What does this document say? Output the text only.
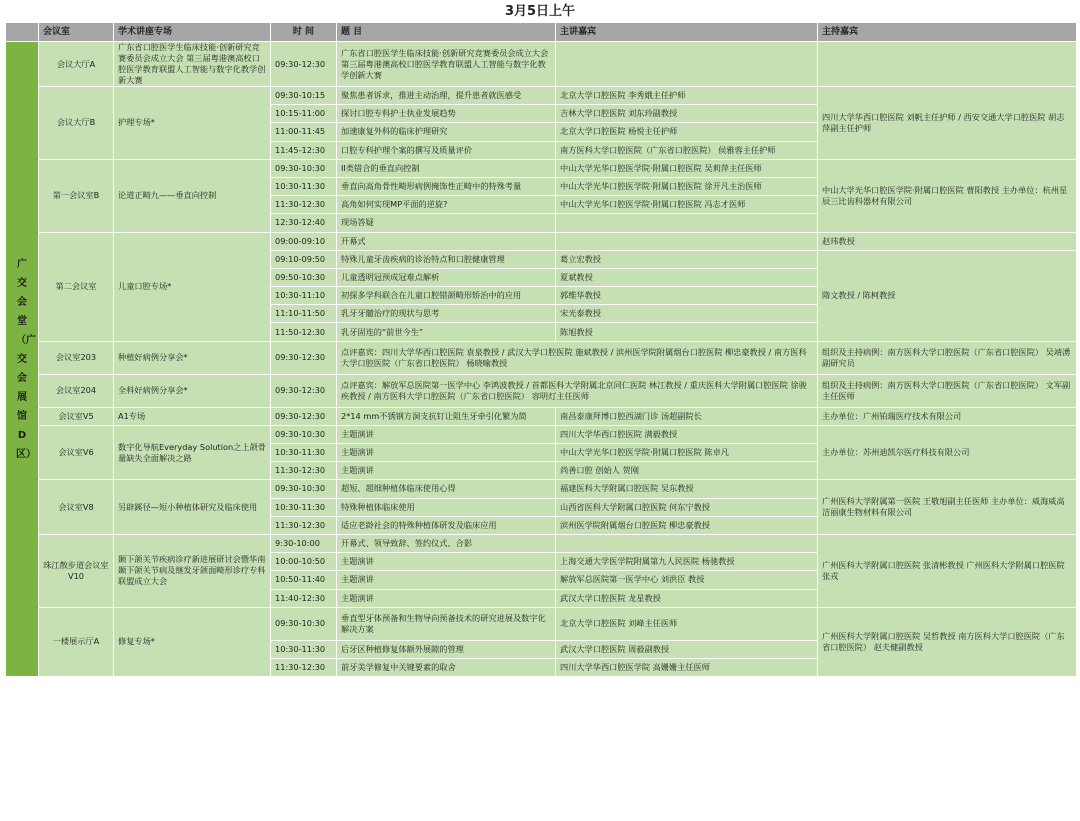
3月5日上午
	会议室	学术讲座专场	时 间	题 目	主讲嘉宾	主持嘉宾

广交会堂（广交会展馆D区）	会议大厅A	广东省口腔医学生临床技能·创新研究竞赛委员会成立大会 第三届粤港澳高校口腔医学教育联盟人工智能与数字化教学创新大赛	09:30-12:30	广东省口腔医学生临床技能·创新研究竞赛委员会成立大会
第三届粤港澳高校口腔医学教育联盟人工智能与数字化教学创新大赛		
	会议大厅B	护理专场*	09:30-10:15	聚焦患者诉求，推进主动治理，提升患者就医感受	北京大学口腔医院 李秀娥主任护师	四川大学华西口腔医院 刘帆主任护师 / 西安交通大学口腔医院 胡志萍副主任护师
			10:15-11:00	探讨口腔专科护士执业发展趋势	吉林大学口腔医院 刘东玲副教授	
			11:00-11:45	加速康复外科的临床护理研究	北京大学口腔医院 杨悦主任护师	
			11:45-12:30	口腔专科护理个案的撰写及质量评价	南方医科大学口腔医院（广东省口腔医院） 侯雅蓉主任护师	
	第一会议室B	论道正畸九——垂直向控制	09:30-10:30	II类错合的垂直向控制	中山大学光华口腔医学院·附属口腔医院 吴莉萍主任医师	中山大学光华口腔医学院·附属口腔医院 曹阳教授 主办单位：杭州星辰三比齿科器材有限公司
			10:30-11:30	垂直向高角骨性畸形病例掩饰性正畸中的特殊考量	中山大学光华口腔医学院·附属口腔医院 徐开凡主治医师	
			11:30-12:30	高角如何实现MP平面的逆旋?	中山大学光华口腔医学院·附属口腔医院 冯志才医师	
			12:30-12:40	现场答疑		
	第二会议室	儿童口腔专场*	09:00-09:10	开幕式		赵玮教授
			09:10-09:50	特殊儿童牙齿疾病的诊治特点和口腔健康管理	葛立宏教授	隋文教授 / 陈柯教授
			09:50-10:30	儿童透明冠预成冠难点解析	夏斌教授	
			10:30-11:10	初探多学科联合在儿童口腔错颌畸形矫治中的应用	郭维华教授	
			11:10-11:50	乳牙牙髓治疗的现状与思考	宋光泰教授	
			11:50-12:30	乳牙固连的“前世今生”	陈旭教授	
	会议室203	种植好病例分享会*	09:30-12:30	点评嘉宾：四川大学华西口腔医院 袁泉教授 / 武汉大学口腔医院 施斌教授 / 滨州医学院附属烟台口腔医院 柳忠豪教授 / 南方医科大学口腔医院（广东省口腔医院） 杨晓喻教授		组织及主持病例：南方医科大学口腔医院（广东省口腔医院） 吴靖湧副研究员
	会议室204	全科好病例分享会*	09:30-12:30	点评嘉宾：解放军总医院第一医学中心 李鸿波教授 / 首都医科大学附属北京同仁医院 林江教授 / 重庆医科大学附属口腔医院 徐骏疾教授 / 南方医科大学口腔医院（广东省口腔医院） 容明灯主任医师		组织及主持病例：南方医科大学口腔医院（广东省口腔医院） 文军副主任医师
	会议室V5	A1专场	09:30-12:30	2*14 mm不锈钢方洞支抗钉让阻生牙牵引化繁为简	南昌泰康拜博口腔西湖门诊 汤超副院长	主办单位：广州铂瑞医疗技术有限公司
	会议室V6	数字化导航Everyday Solution之上颌骨量缺失全面解决之路	09:30-10:30	主题演讲	四川大学华西口腔医院 满毅教授	主办单位：苏州迪凯尔医疗科技有限公司
			10:30-11:30	主题演讲	中山大学光华口腔医学院·附属口腔医院 陈卓凡	
			11:30-12:30	主题演讲	尚善口腔 创始人 贺刚	
	会议室V8	另辟蹊径—短小种植体研究及临床使用	09:30-10:30	超短、超细种植体临床使用心得	福建医科大学附属口腔医院 吴东教授	广州医科大学附属第一医院 王敬旭副主任医师 主办单位：威海威高洁丽康生物材料有限公司
			10:30-11:30	特殊种植体临床使用	山西省医科大学附属口腔医院 何东宁教授	
			11:30-12:30	适应老龄社会的特殊种植体研发及临床应用	滨州医学院附属烟台口腔医院 柳忠豪教授	
	珠江散步道会议室V10	颞下颌关节疾病诊疗新进展研讨会暨华南颞下颌关节病及继发牙颌面畸形诊疗专科联盟成立大会	9:30-10:00	开幕式、领导致辞、签约仪式、合影		广州医科大学附属口腔医院 张清彬教授 广州医科大学附属口腔医院 张戎
			10:00-10:50	主题演讲	上海交通大学医学院附属第九人民医院 杨驰教授	
			10:50-11:40	主题演讲	解放军总医院第一医学中心 刘洪臣 教授	
			11:40-12:30	主题演讲	武汉大学口腔医院 龙星教授	
	一楼展示厅A	修复专场*	09:30-10:30	垂直型牙体预备和生物导向预备技术的研究进展及数字化解决方案	北京大学口腔医院 刘峰主任医师	广州医科大学附属口腔医院 吴哲教授 南方医科大学口腔医院（广东省口腔医院） 赵夫健副教授
			10:30-11:30	后牙区种植修复体额外展隙的管理	武汉大学口腔医院 周毅副教授	
			11:30-12:30	前牙美学修复中关键要素的取舍	四川大学华西口腔医学院 高姗姗主任医师	
